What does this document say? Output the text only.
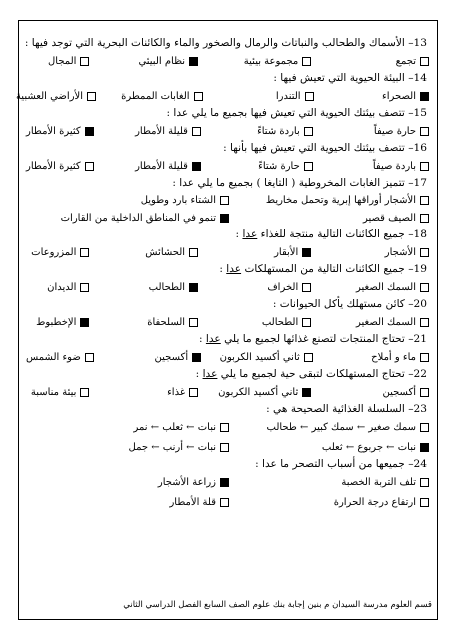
13– الأسماك والطحالب والنباتات والرمال والصخور والماء والكائنات البحرية التي توجد فيها :
تجمع
مجموعة بيئية
نظام البيئي
المجال
14– البيئة الحيوية التي تعيش فيها :
الصحراء
التندرا
الغابات الممطرة
الأراضي العشبية
15– تتصف بيئتك الحيوية التي تعيش فيها بجميع ما يلي عدا :
حارة صيفاً
باردة شتاءً
قليلة الأمطار
كثيرة الأمطار
16– تتصف بيئتك الحيوية التي تعيش فيها بأنها :
باردة صيفاً
حارة شتاءً
قليلة الأمطار
كثيرة الأمطار
17– تتميز الغابات المخروطية ( التايغا ) بجميع ما يلي عدا :
الأشجار أوراقها إبرية وتحمل مخاريط
الشتاء بارد وطويل
الصيف قصير
تنمو في المناطق الداخلية من القارات
18– جميع الكائنات التالية منتجة للغذاء عدا :
الأشجار
الأبقار
الحشائش
المزروعات
19– جميع الكائنات التالية من المستهلكات عدا :
السمك الصغير
الخراف
الطحالب
الديدان
20– كائن مستهلك يأكل الحيوانات :
السمك الصغير
الطحالب
السلحفاة
الإخطبوط
21– تحتاج المنتجات لتصنع غذائها لجميع ما يلي عدا :
ماء و أملاح
ثاني أكسيد الكربون
أكسجين
ضوء الشمس
22– تحتاج المستهلكات لتبقى حية لجميع ما يلي عدا :
أكسجين
ثاني أكسيد الكربون
غذاء
بيئة مناسبة
23– السلسلة الغذائية الصحيحة هي :
سمك صغير ← سمك كبير ← طحالب
نبات ← ثعلب ← نمر
نبات ← جربوع ← ثعلب
نبات ← أرنب ← جمل
24– جميعها من أسباب التصحر ما عدا :
تلف التربة الخصبة
زراعة الأشجار
ارتفاع درجة الحرارة
قلة الأمطار
قسم العلوم مدرسة السيدان م بنين إجابة بنك علوم الصف السابع الفصل الدراسي الثاني
